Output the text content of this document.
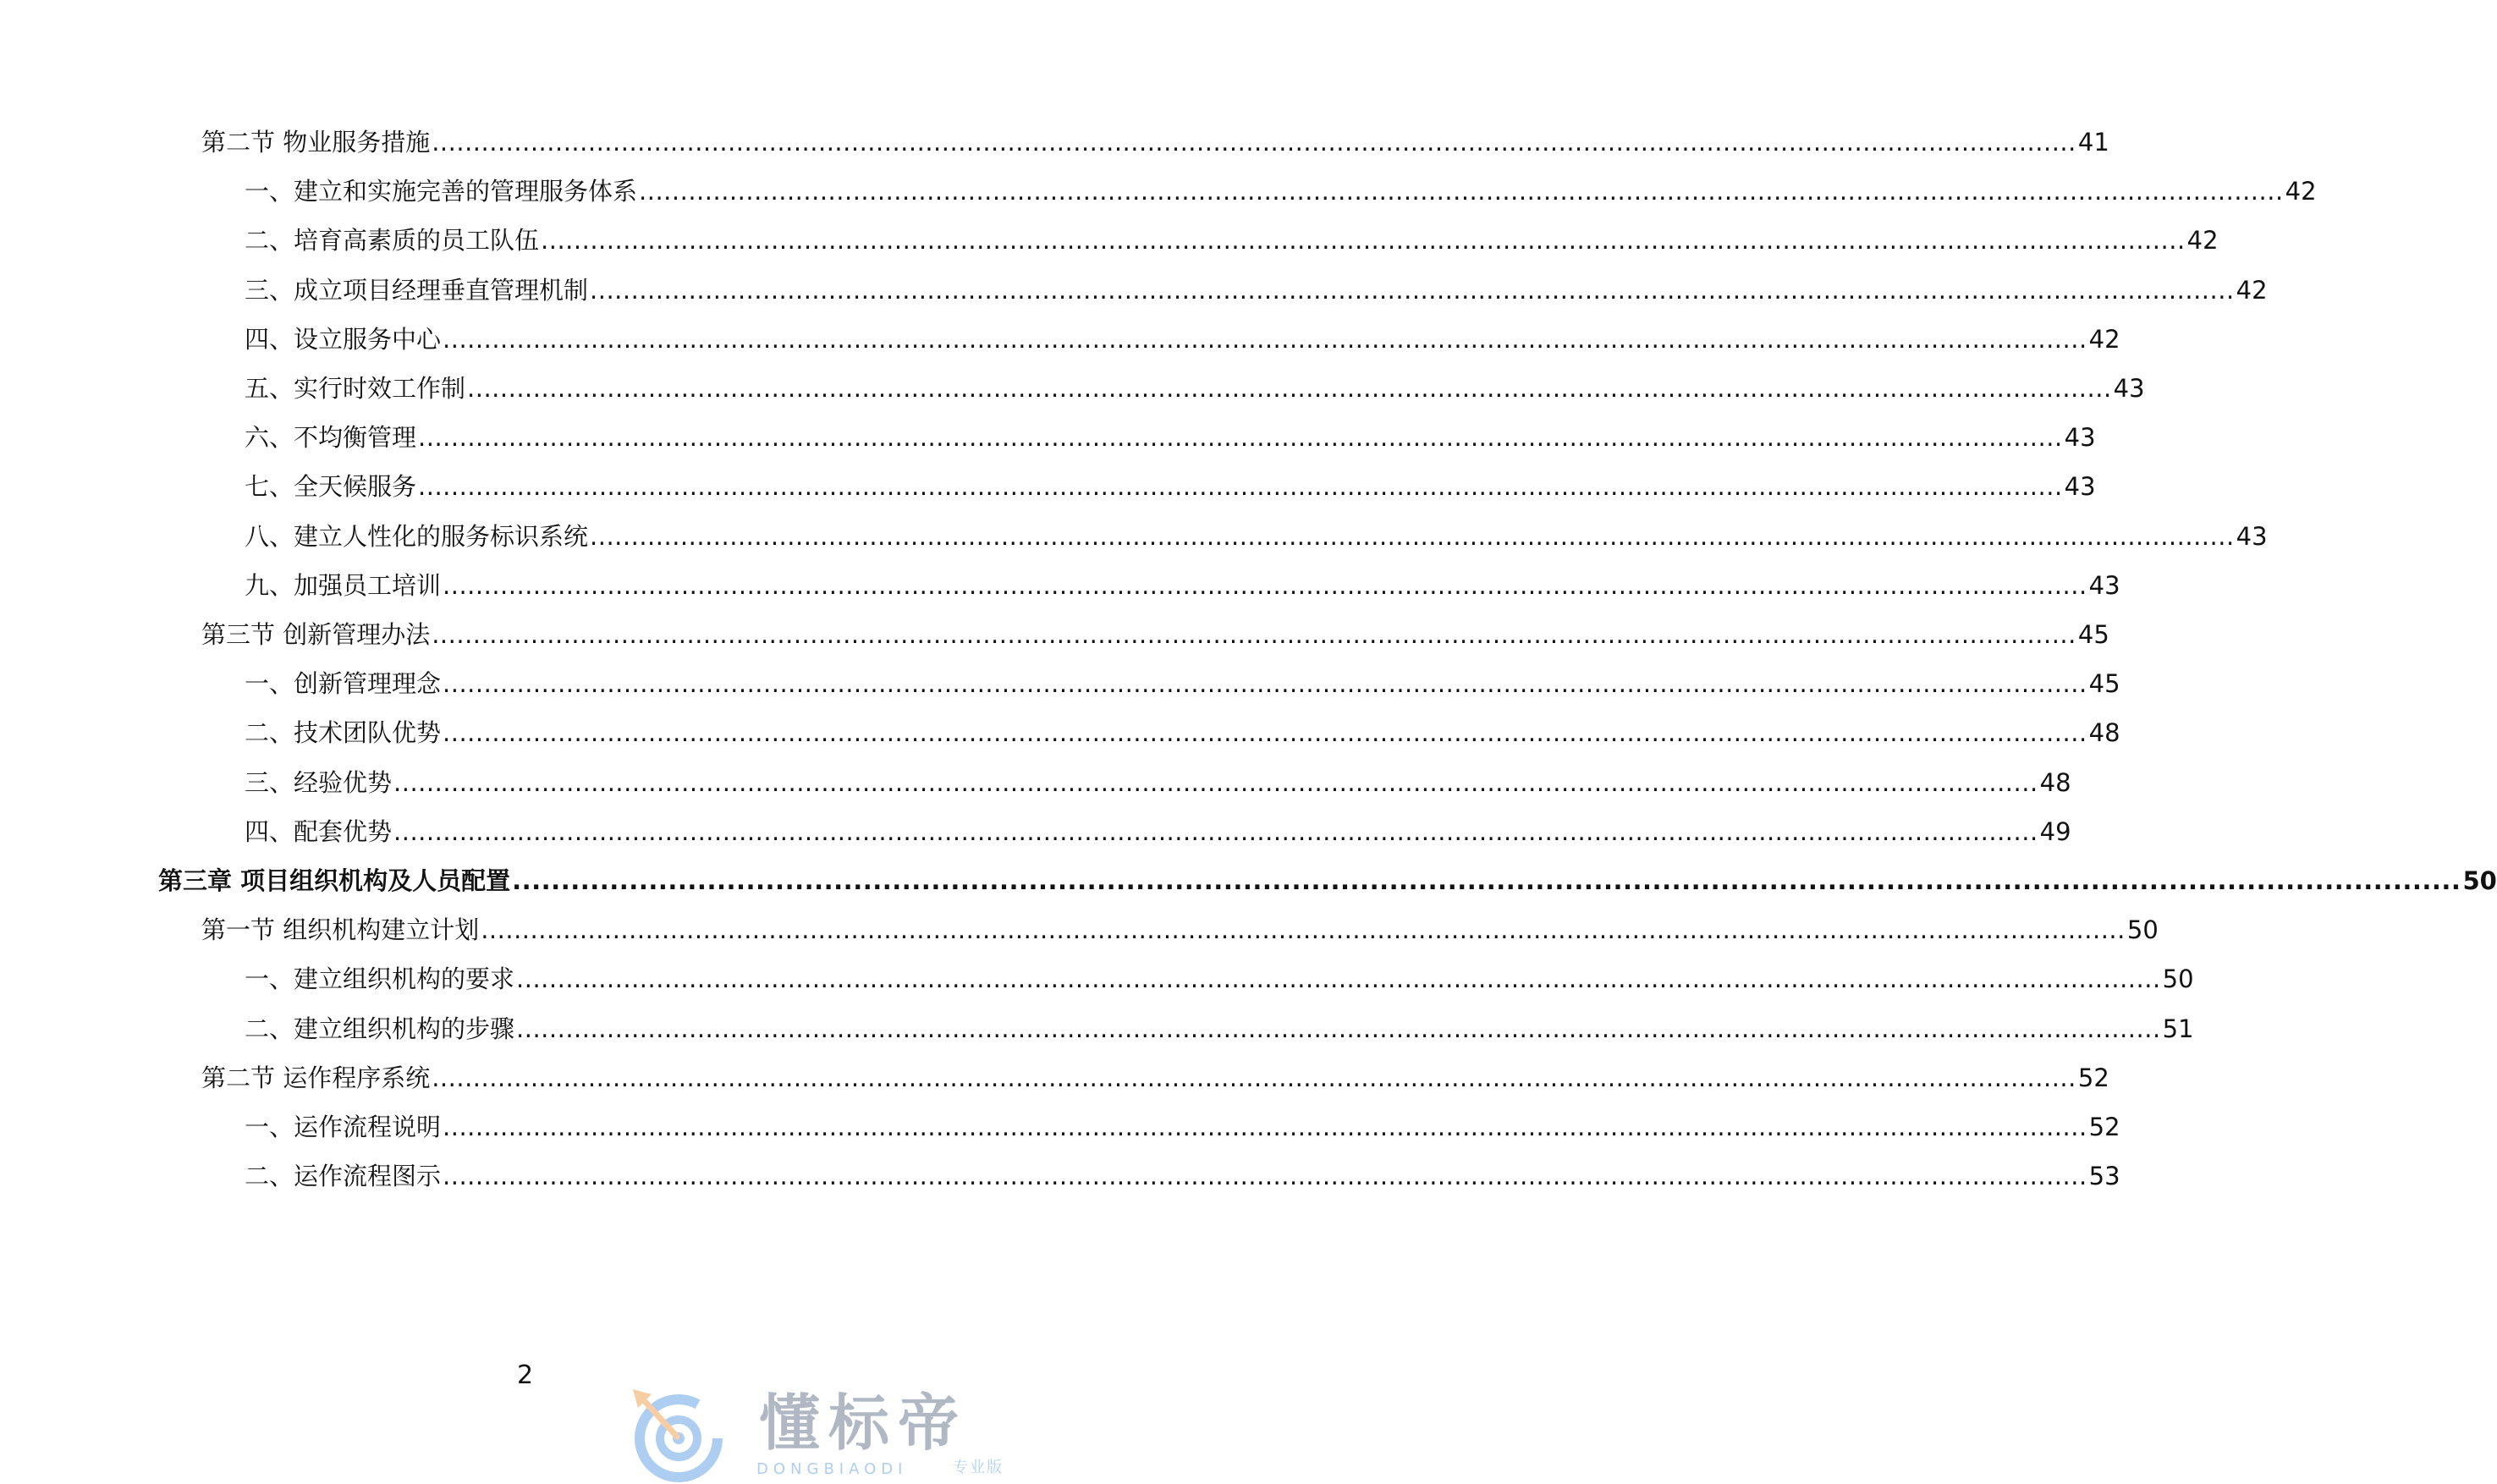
第二节 物业服务措施 ........................................................................................................................................................................................................ 41
一、建立和实施完善的管理服务体系 ........................................................................................................................................................................................................ 42
二、培育高素质的员工队伍 ........................................................................................................................................................................................................ 42
三、成立项目经理垂直管理机制 ........................................................................................................................................................................................................ 42
四、设立服务中心 ........................................................................................................................................................................................................ 42
五、实行时效工作制 ........................................................................................................................................................................................................ 43
六、不均衡管理 ........................................................................................................................................................................................................ 43
七、全天候服务 ........................................................................................................................................................................................................ 43
八、建立人性化的服务标识系统 ........................................................................................................................................................................................................ 43
九、加强员工培训 ........................................................................................................................................................................................................ 43
第三节 创新管理办法 ........................................................................................................................................................................................................ 45
一、创新管理理念 ........................................................................................................................................................................................................ 45
二、技术团队优势 ........................................................................................................................................................................................................ 48
三、经验优势 ........................................................................................................................................................................................................ 48
四、配套优势 ........................................................................................................................................................................................................ 49
第三章 项目组织机构及人员配置 ........................................................................................................................................................................................................ 50
第一节 组织机构建立计划 ........................................................................................................................................................................................................ 50
一、建立组织机构的要求 ........................................................................................................................................................................................................ 50
二、建立组织机构的步骤 ........................................................................................................................................................................................................ 51
第二节 运作程序系统 ........................................................................................................................................................................................................ 52
一、运作流程说明 ........................................................................................................................................................................................................ 52
二、运作流程图示 ........................................................................................................................................................................................................ 53
2
懂标帝
DONGBIAODI	专业版
